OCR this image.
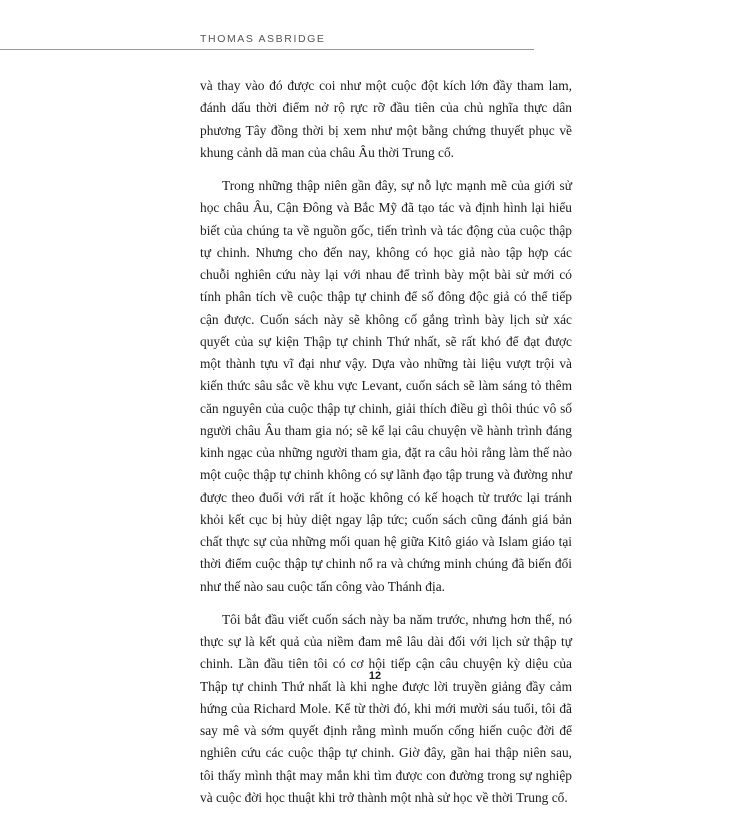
THOMAS ASBRIDGE

và thay vào đó được coi như một cuộc đột kích lớn đầy tham lam, đánh dấu thời điểm nở rộ rực rỡ đầu tiên của chủ nghĩa thực dân phương Tây đồng thời bị xem như một bằng chứng thuyết phục về khung cảnh dã man của châu Âu thời Trung cổ.

Trong những thập niên gần đây, sự nỗ lực mạnh mẽ của giới sử học châu Âu, Cận Đông và Bắc Mỹ đã tạo tác và định hình lại hiểu biết của chúng ta về nguồn gốc, tiến trình và tác động của cuộc thập tự chinh. Nhưng cho đến nay, không có học giả nào tập hợp các chuỗi nghiên cứu này lại với nhau để trình bày một bài sử mới có tính phân tích về cuộc thập tự chinh để số đông độc giả có thể tiếp cận được. Cuốn sách này sẽ không cố gắng trình bày lịch sử xác quyết của sự kiện Thập tự chinh Thứ nhất, sẽ rất khó để đạt được một thành tựu vĩ đại như vậy. Dựa vào những tài liệu vượt trội và kiến thức sâu sắc về khu vực Levant, cuốn sách sẽ làm sáng tỏ thêm căn nguyên của cuộc thập tự chinh, giải thích điều gì thôi thúc vô số người châu Âu tham gia nó; sẽ kể lại câu chuyện về hành trình đáng kinh ngạc của những người tham gia, đặt ra câu hỏi rằng làm thế nào một cuộc thập tự chinh không có sự lãnh đạo tập trung và đường như được theo đuổi với rất ít hoặc không có kế hoạch từ trước lại tránh khỏi kết cục bị hủy diệt ngay lập tức; cuốn sách cũng đánh giá bản chất thực sự của những mối quan hệ giữa Kitô giáo và Islam giáo tại thời điểm cuộc thập tự chinh nổ ra và chứng minh chúng đã biến đổi như thế nào sau cuộc tấn công vào Thánh địa.

Tôi bắt đầu viết cuốn sách này ba năm trước, nhưng hơn thế, nó thực sự là kết quả của niềm đam mê lâu dài đối với lịch sử thập tự chinh. Lần đầu tiên tôi có cơ hội tiếp cận câu chuyện kỳ diệu của Thập tự chinh Thứ nhất là khi nghe được lời truyền giảng đầy cảm hứng của Richard Mole. Kể từ thời đó, khi mới mười sáu tuổi, tôi đã say mê và sớm quyết định rằng mình muốn cống hiến cuộc đời để nghiên cứu các cuộc thập tự chinh. Giờ đây, gần hai thập niên sau, tôi thấy mình thật may mắn khi tìm được con đường trong sự nghiệp và cuộc đời học thuật khi trở thành một nhà sử học về thời Trung cổ.

12
